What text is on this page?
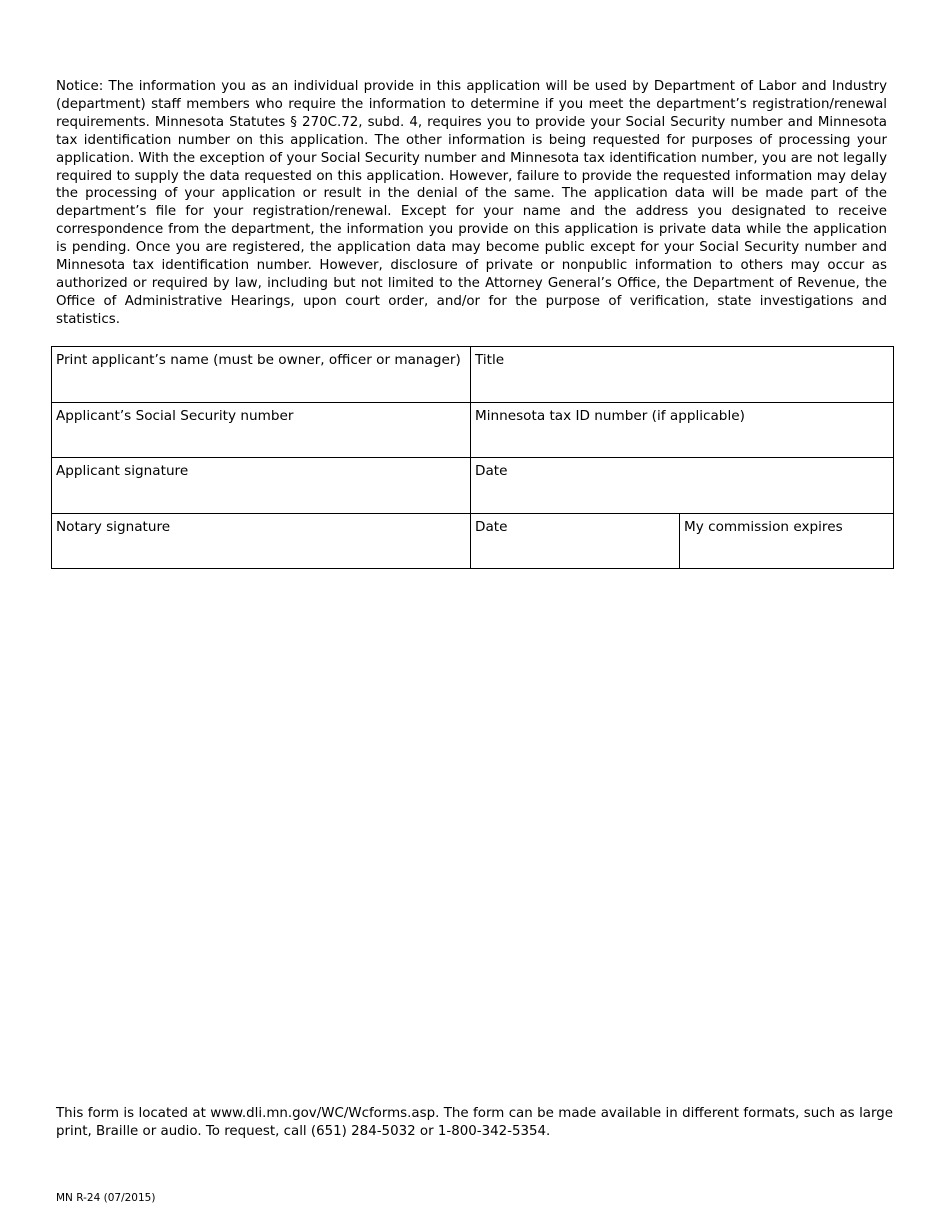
Notice: The information you as an individual provide in this application will be used by Department of Labor and Industry (department) staff members who require the information to determine if you meet the department’s registration/renewal requirements. Minnesota Statutes § 270C.72, subd. 4, requires you to provide your Social Security number and Minnesota tax identification number on this application. The other information is being requested for purposes of processing your application. With the exception of your Social Security number and Minnesota tax identification number, you are not legally required to supply the data requested on this application. However, failure to provide the requested information may delay the processing of your application or result in the denial of the same. The application data will be made part of the department’s file for your registration/renewal. Except for your name and the address you designated to receive correspondence from the department, the information you provide on this application is private data while the application is pending. Once you are registered, the application data may become public except for your Social Security number and Minnesota tax identification number. However, disclosure of private or nonpublic information to others may occur as authorized or required by law, including but not limited to the Attorney General’s Office, the Department of Revenue, the Office of Administrative Hearings, upon court order, and/or for the purpose of verification, state investigations and statistics.

Print applicant’s name (must be owner, officer or manager)	Title	
Applicant’s Social Security number	Minnesota tax ID number (if applicable)	
Applicant signature	Date	
Notary signature	Date	My commission expires

This form is located at www.dli.mn.gov/WC/Wcforms.asp. The form can be made available in different formats, such as large print, Braille or audio. To request, call (651) 284-5032 or 1-800-342-5354.

MN R-24 (07/2015)
